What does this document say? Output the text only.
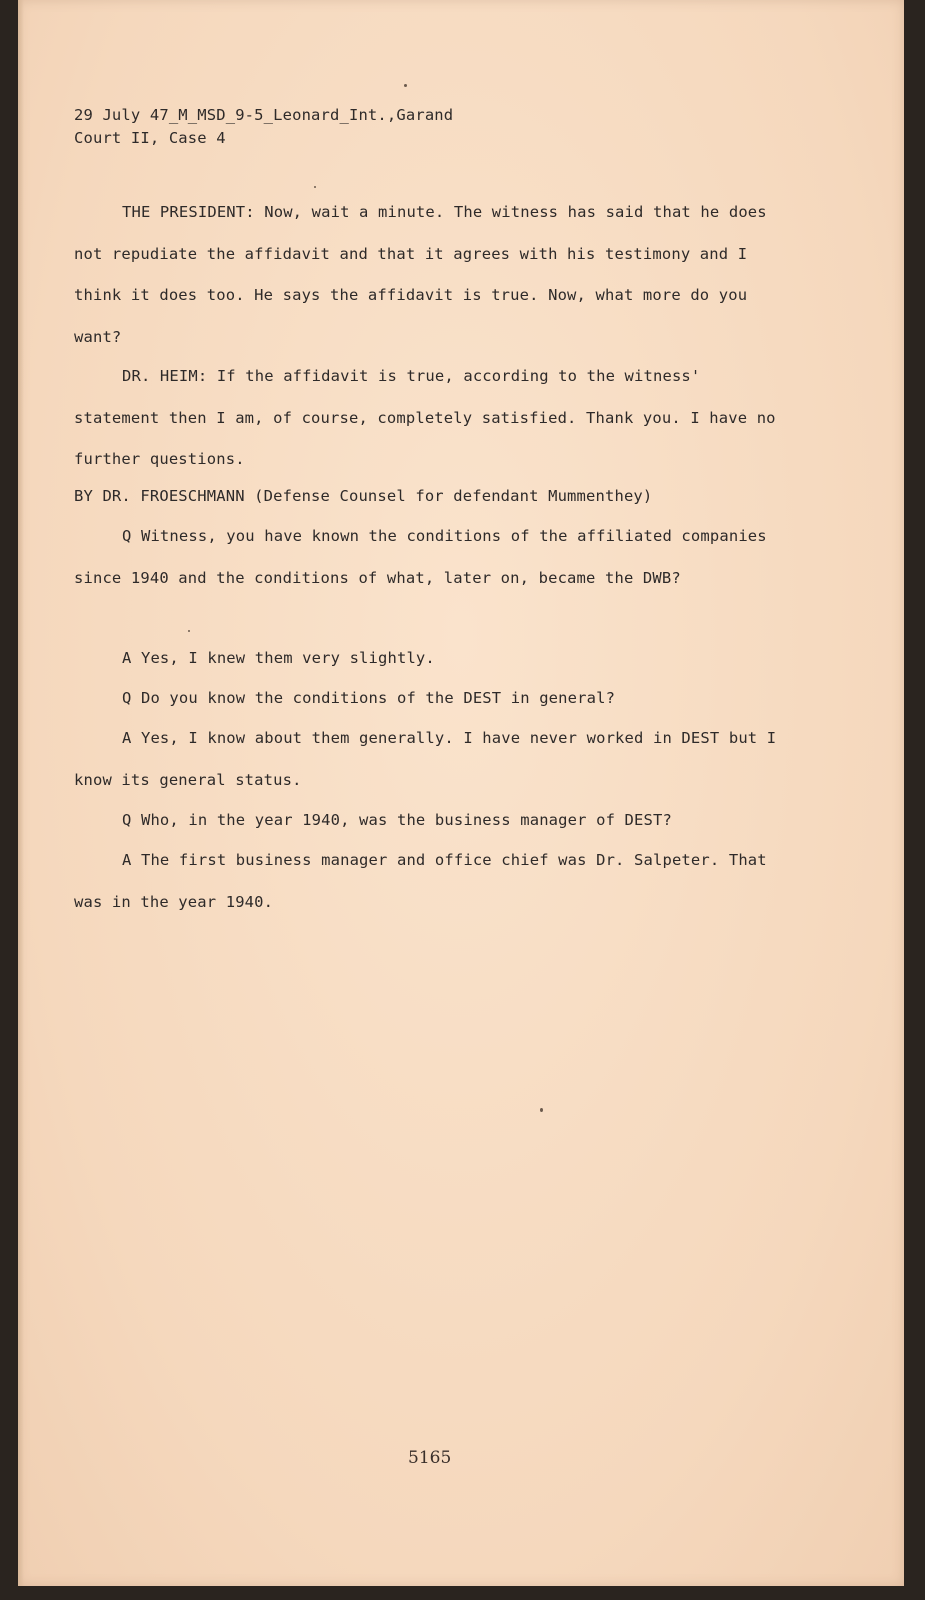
29 July 47_M_MSD_9-5_Leonard_Int.,Garand
Court II, Case 4
THE PRESIDENT: Now, wait a minute. The witness has said that he does not repudiate the affidavit and that it agrees with his testimony and I think it does too. He says the affidavit is true. Now, what more do you want?
DR. HEIM: If the affidavit is true, according to the witness' statement then I am, of course, completely satisfied. Thank you. I have no further questions.
BY DR. FROESCHMANN (Defense Counsel for defendant Mummenthey)
Q Witness, you have known the conditions of the affiliated companies since 1940 and the conditions of what, later on, became the DWB?
A Yes, I knew them very slightly.
Q Do you know the conditions of the DEST in general?
A Yes, I know about them generally. I have never worked in DEST but I know its general status.
Q Who, in the year 1940, was the business manager of DEST?
A The first business manager and office chief was Dr. Salpeter. That was in the year 1940.
5165
